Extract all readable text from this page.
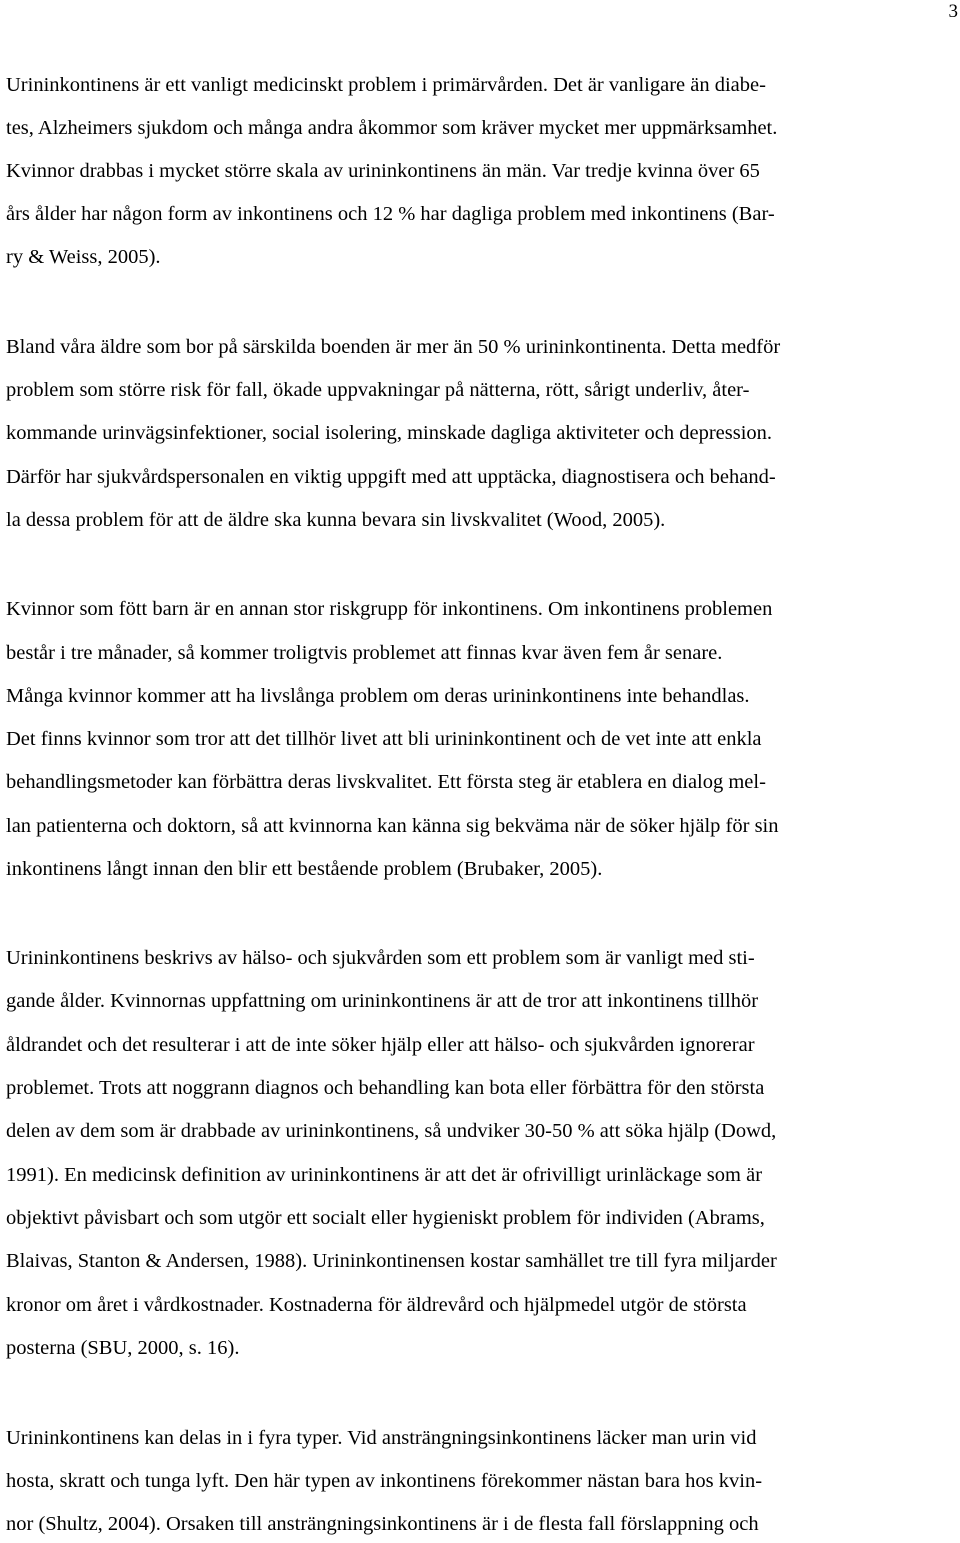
3
Urininkontinens är ett vanligt medicinskt problem i primärvården. Det är vanligare än diabe-
tes, Alzheimers sjukdom och många andra åkommor som kräver mycket mer uppmärksamhet.
Kvinnor drabbas i mycket större skala av urininkontinens än män. Var tredje kvinna över 65
års ålder har någon form av inkontinens och 12 % har dagliga problem med inkontinens (Bar-
ry & Weiss, 2005).
Bland våra äldre som bor på särskilda boenden är mer än 50 % urininkontinenta. Detta medför
problem som större risk för fall, ökade uppvakningar på nätterna, rött, sårigt underliv, åter-
kommande urinvägsinfektioner, social isolering, minskade dagliga aktiviteter och depression.
Därför har sjukvårdspersonalen en viktig uppgift med att upptäcka, diagnostisera och behand-
la dessa problem för att de äldre ska kunna bevara sin livskvalitet (Wood, 2005).
Kvinnor som fött barn är en annan stor riskgrupp för inkontinens. Om inkontinens problemen
består i tre månader, så kommer troligtvis problemet att finnas kvar även fem år senare.
Många kvinnor kommer att ha livslånga problem om deras urininkontinens inte behandlas.
Det finns kvinnor som tror att det tillhör livet att bli urininkontinent och de vet inte att enkla
behandlingsmetoder kan förbättra deras livskvalitet. Ett första steg är etablera en dialog mel-
lan patienterna och doktorn, så att kvinnorna kan känna sig bekväma när de söker hjälp för sin
inkontinens långt innan den blir ett bestående problem (Brubaker, 2005).
Urininkontinens beskrivs av hälso- och sjukvården som ett problem som är vanligt med sti-
gande ålder. Kvinnornas uppfattning om urininkontinens är att de tror att inkontinens tillhör
åldrandet och det resulterar i att de inte söker hjälp eller att hälso- och sjukvården ignorerar
problemet. Trots att noggrann diagnos och behandling kan bota eller förbättra för den största
delen av dem som är drabbade av urininkontinens, så undviker 30-50 % att söka hjälp (Dowd,
1991). En medicinsk definition av urininkontinens är att det är ofrivilligt urinläckage som är
objektivt påvisbart och som utgör ett socialt eller hygieniskt problem för individen (Abrams,
Blaivas, Stanton & Andersen, 1988). Urininkontinensen kostar samhället tre till fyra miljarder
kronor om året i vårdkostnader. Kostnaderna för äldrevård och hjälpmedel utgör de största
posterna (SBU, 2000, s. 16).
Urininkontinens kan delas in i fyra typer. Vid ansträngningsinkontinens läcker man urin vid
hosta, skratt och tunga lyft. Den här typen av inkontinens förekommer nästan bara hos kvin-
nor (Shultz, 2004). Orsaken till ansträngningsinkontinens är i de flesta fall förslappning och
